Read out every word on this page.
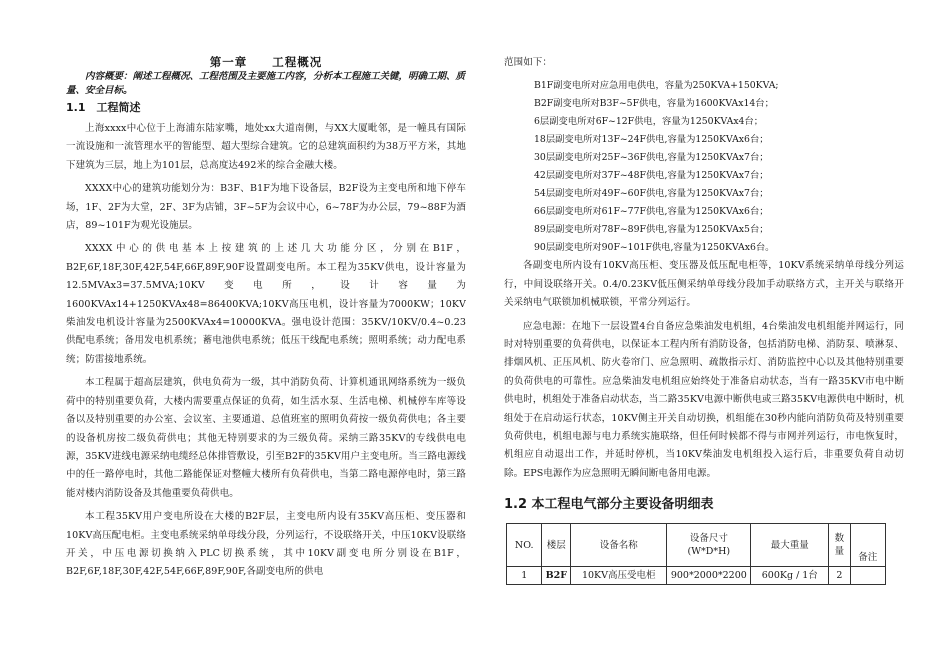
第一章　　工程概况

内容概要：阐述工程概况、工程范围及主要施工内容，分析本工程施工关键，明确工期、质量、安全目标。

1.1　工程简述

上海xxxx中心位于上海浦东陆家嘴，地处xx大道南侧，与XX大厦毗邻，是一幢具有国际一流设施和一流管理水平的智能型、超大型综合建筑。它的总建筑面积约为38万平方米，其地下建筑为三层，地上为101层，总高度达492米的综合金融大楼。

XXXX中心的建筑功能划分为：B3F、B1F为地下设备层，B2F设为主变电所和地下停车场，1F、2F为大堂，2F、3F为店铺，3F~5F为会议中心，6~78F为办公层，79~88F为酒店，89~101F为观光设施层。

XXXX中心的供电基本上按建筑的上述几大功能分区，分别在B1F，B2F,6F,18F,30F,42F,54F,66F,89F,90F设置副变电所。本工程为35KV供电，设计容量为12.5MVAx3=37.5MVA;10KV变电所，设计容量为1600KVAx14+1250KVAx48=86400KVA;10KV高压电机，设计容量为7000KW；10KV柴油发电机设计容量为2500KVAx4=10000KVA。强电设计范围：35KV/10KV/0.4~0.23供配电系统；备用发电机系统；蓄电池供电系统；低压干线配电系统；照明系统；动力配电系统；防雷接地系统。

本工程属于超高层建筑，供电负荷为一级，其中消防负荷、计算机通讯网络系统为一级负荷中的特别重要负荷，大楼内需要重点保证的负荷，如生活水泵、生活电梯、机械停车库等设备以及特别重要的办公室、会议室、主要通道、总值班室的照明负荷按一级负荷供电；各主要的设备机房按二级负荷供电；其他无特别要求的为三级负荷。采纳三路35KV的专线供电电源，35KV进线电源采纳电缆经总体排管敷设，引至B2F的35KV用户主变电所。当三路电源线中的任一路停电时，其他二路能保证对整幢大楼所有负荷供电，当第二路电源停电时，第三路能对楼内消防设备及其他重要负荷供电。

本工程35KV用户变电所设在大楼的B2F层，主变电所内设有35KV高压柜、变压器和10KV高压配电柜。主变电系统采纳单母线分段，分列运行，不设联络开关，中压10KV设联络开关，中压电源切换纳入PLC切换系统，其中10KV副变电所分别设在B1F，B2F,6F,18F,30F,42F,54F,66F,89F,90F,各副变电所的供电

范围如下：

B1F副变电所对应急用电供电，容量为250KVA+150KVA;

B2F副变电所对B3F~5F供电，容量为1600KVAx14台；

6层副变电所对6F~12F供电，容量为1250KVAx4台；

18层副变电所对13F~24F供电,容量为1250KVAx6台；

30层副变电所对25F~36F供电,容量为1250KVAx7台；

42层副变电所对37F~48F供电,容量为1250KVAx7台；

54层副变电所对49F~60F供电,容量为1250KVAx7台；

66层副变电所对61F~77F供电,容量为1250KVAx6台；

89层副变电所对78F~89F供电,容量为1250KVAx5台；

90层副变电所对90F~101F供电,容量为1250KVAx6台。

各副变电所内设有10KV高压柜、变压器及低压配电柜等，10KV系统采纳单母线分列运行，中间设联络开关。0.4/0.23KV低压侧采纳单母线分段加手动联络方式，主开关与联络开关采纳电气联锁加机械联锁，平常分列运行。

应急电源：在地下一层设置4台自备应急柴油发电机组，4台柴油发电机组能并网运行，同时对特别重要的负荷供电，以保证本工程内所有消防设备，包括消防电梯、消防泵、喷淋泵、排烟风机、正压风机、防火卷帘门、应急照明、疏散指示灯、消防监控中心以及其他特别重要的负荷供电的可靠性。应急柴油发电机组应始终处于准备启动状态，当有一路35KV市电中断供电时，机组处于准备启动状态，当二路35KV电源中断供电或三路35KV电源供电中断时，机组处于在启动运行状态，10KV侧主开关自动切换，机组能在30秒内能向消防负荷及特别重要负荷供电，机组电源与电力系统实施联络，但任何时候都不得与市网并列运行，市电恢复时，机组应自动退出工作，并延时停机，当10KV柴油发电机组投入运行后，非重要负荷自动切除。EPS电源作为应急照明无瞬间断电备用电源。

1.2 本工程电气部分主要设备明细表
NO.	楼层	设备名称	设备尺寸(W*D*H)	最大重量	数量	备注
1	B2F	10KV高压受电柜	900*2000*2200	600Kg / 1台	2	
